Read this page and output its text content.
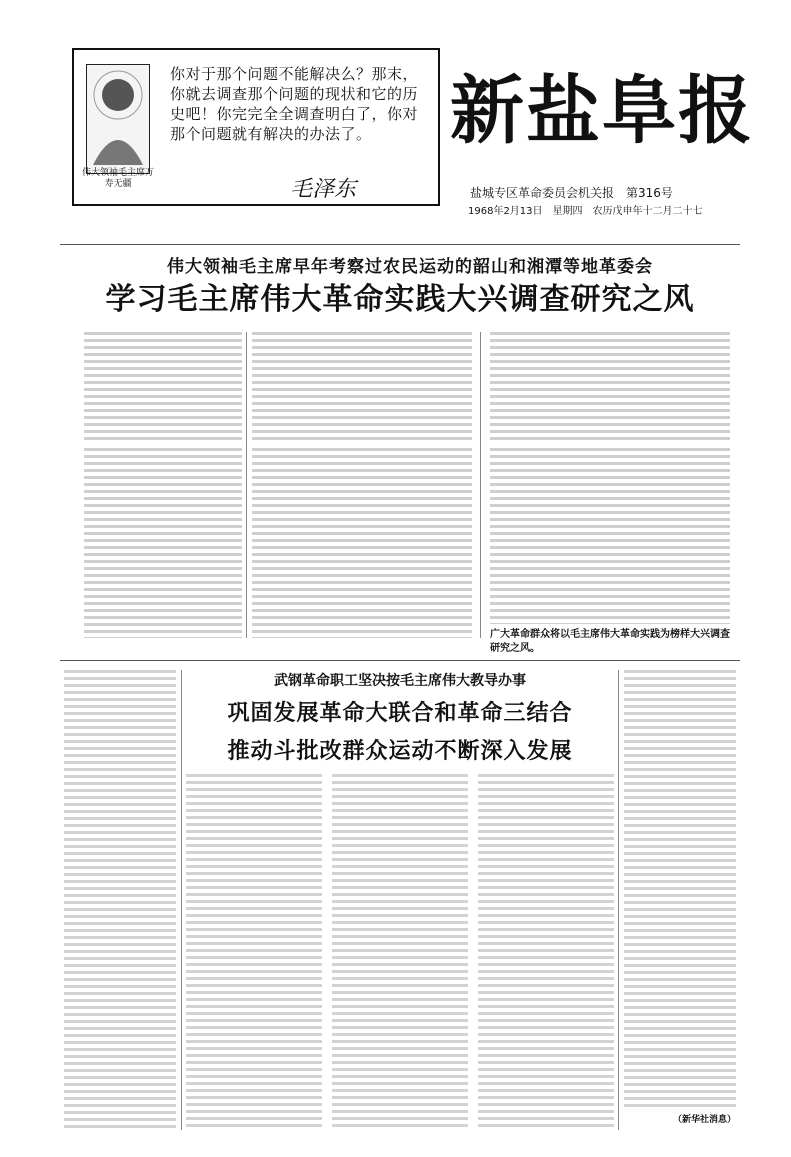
伟大领袖毛主席万寿无疆
你对于那个问题不能解决么？那末，你就去调查那个问题的现状和它的历史吧！你完完全全调查明白了，你对那个问题就有解决的办法了。
毛泽东
新盐阜报
盐城专区革命委员会机关报 第316号
1968年2月13日 星期四 农历戊申年十二月二十七
伟大领袖毛主席早年考察过农民运动的韶山和湘潭等地革委会
学习毛主席伟大革命实践大兴调查研究之风
广大革命群众将以毛主席伟大革命实践为榜样大兴调查研究之风。
武钢革命职工坚决按毛主席伟大教导办事
巩固发展革命大联合和革命三结合
推动斗批改群众运动不断深入发展
（新华社消息）
